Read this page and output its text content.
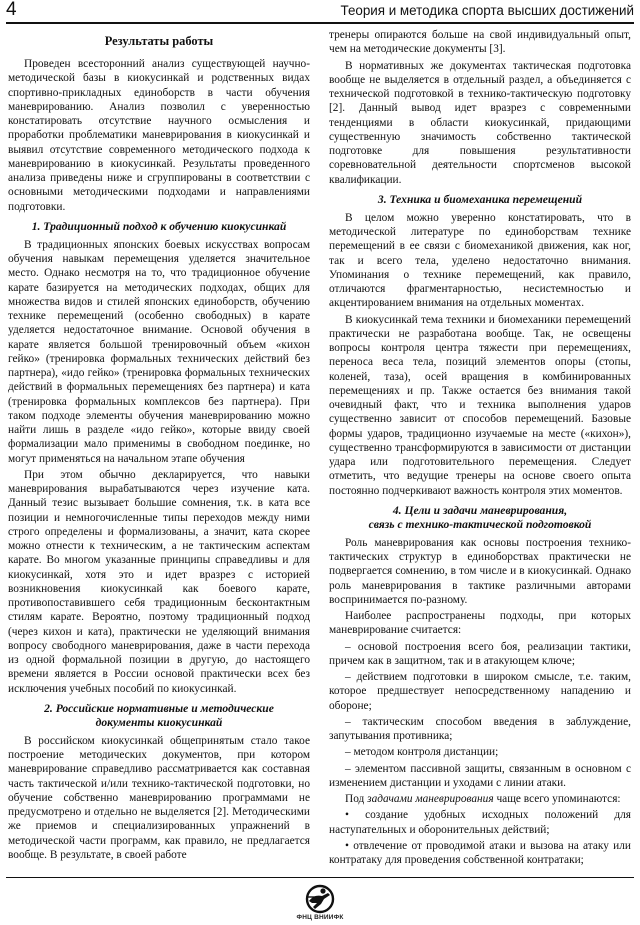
4	Теория и методика спорта высших достижений
Результаты работы

Проведен всесторонний анализ существующей научно-методической базы в киокусинкай и родственных видах спортивно-прикладных единоборств в части обучения маневрированию. Анализ позволил с уверенностью констатировать отсутствие научного осмысления и проработки проблематики маневрирования в киокусинкай и выявил отсутствие современного методического подхода к маневрированию в киокусинкай. Результаты проведенного анализа приведены ниже и сгруппированы в соответствии с основными методическими подходами и направлениями подготовки.

1. Традиционный подход к обучению киокусинкай

В традиционных японских боевых искусствах вопросам обучения навыкам перемещения уделяется значительное место. Однако несмотря на то, что традиционное обучение карате базируется на методических подходах, общих для множества видов и стилей японских единоборств, обучению технике перемещений (особенно свободных) в карате уделяется недостаточное внимание. Основой обучения в карате является большой тренировочный объем «кихон гейко» (тренировка формальных технических действий без партнера), «идо гейко» (тренировка формальных технических действий в формальных перемещениях без партнера) и ката (тренировка формальных комплексов без партнера). При таком подходе элементы обучения маневрированию можно найти лишь в разделе «идо гейко», которые ввиду своей формализации мало применимы в свободном поединке, но могут применяться на начальном этапе обучения

При этом обычно декларируется, что навыки маневрирования вырабатываются через изучение ката. Данный тезис вызывает большие сомнения, т.к. в ката все позиции и немногочисленные типы переходов между ними строго определены и формализованы, а значит, ката скорее можно отнести к техническим, а не тактическим аспектам карате. Во многом указанные принципы справедливы и для киокусинкай, хотя это и идет вразрез с историей возникновения киокусинкай как боевого карате, противопоставившего себя традиционным бесконтактным стилям карате. Вероятно, поэтому традиционный подход (через кихон и ката), практически не уделяющий внимания вопросу свободного маневрирования, даже в части перехода из одной формальной позиции в другую, до настоящего времени является в России основой практически всех без исключения учебных пособий по киокусинкай.

2. Российские нормативные и методические
документы киокусинкай

В российском киокусинкай общепринятым стало такое построение методических документов, при котором маневрирование справедливо рассматривается как составная часть тактической и/или технико-тактической подготовки, но обучение собственно маневрированию программами не предусмотрено и отдельно не выделяется [2]. Методическими же приемов и специализированных упражнений в методической части программ, как правило, не предлагается вообще. В результате, в своей работе

тренеры опираются больше на свой индивидуальный опыт, чем на методические документы [3].

В нормативных же документах тактическая подготовка вообще не выделяется в отдельный раздел, а объединяется с технической подготовкой в технико-тактическую подготовку [2]. Данный вывод идет вразрез с современными тенденциями в области киокусинкай, придающими существенную значимость собственно тактической подготовке для повышения результативности соревновательной деятельности спортсменов высокой квалификации.

3. Техника и биомеханика перемещений

В целом можно уверенно констатировать, что в методической литературе по единоборствам технике перемещений в ее связи с биомеханикой движения, как ног, так и всего тела, уделено недостаточно внимания. Упоминания о технике перемещений, как правило, отличаются фрагментарностью, несистемностью и акцентированием внимания на отдельных моментах.

В киокусинкай тема техники и биомеханики перемещений практически не разработана вообще. Так, не освещены вопросы контроля центра тяжести при перемещениях, переноса веса тела, позиций элементов опоры (стопы, коленей, таза), осей вращения в комбинированных перемещениях и пр. Также остается без внимания такой очевидный факт, что и техника выполнения ударов существенно зависит от способов перемещений. Базовые формы ударов, традиционно изучаемые на месте («кихон»), существенно трансформируются в зависимости от дистанции удара или подготовительного перемещения. Следует отметить, что ведущие тренеры на основе своего опыта постоянно подчеркивают важность контроля этих моментов.

4. Цели и задачи маневрирования,
связь с технико-тактической подготовкой

Роль маневрирования как основы построения технико-тактических структур в единоборствах практически не подвергается сомнению, в том числе и в киокусинкай. Однако роль маневрирования в тактике различными авторами воспринимается по-разному.

Наиболее распространены подходы, при которых маневрирование считается:

– основой построения всего боя, реализации тактики, причем как в защитном, так и в атакующем ключе;

– действием подготовки в широком смысле, т.е. таким, которое предшествует непосредственному нападению и обороне;

– тактическим способом введения в заблуждение, запутывания противника;

– методом контроля дистанции;

– элементом пассивной защиты, связанным в основном с изменением дистанции и уходами с линии атаки.

Под задачами маневрирования чаще всего упоминаются:

• создание удобных исходных положений для наступательных и оборонительных действий;

• отвлечение от проводимой атаки и вызова на атаку или контратаку для проведения собственной контратаки;

ФНЦ ВНИИФК
